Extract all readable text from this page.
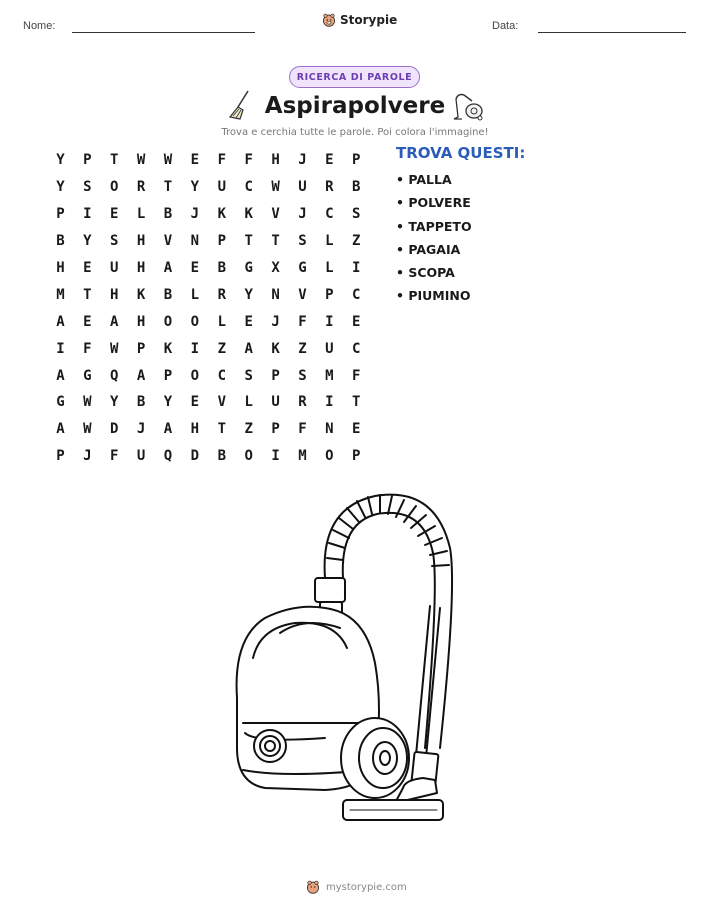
Nome:	Storypie	Data:
RICERCA DI PAROLE
Aspirapolvere
Trova e cerchia tutte le parole. Poi colora l'immagine!
Y	P	T	W	W	E	F	F	H	J	E	P
Y	S	O	R	T	Y	U	C	W	U	R	B
P	I	E	L	B	J	K	K	V	J	C	S
B	Y	S	H	V	N	P	T	T	S	L	Z
H	E	U	H	A	E	B	G	X	G	L	I
M	T	H	K	B	L	R	Y	N	V	P	C
A	E	A	H	O	O	L	E	J	F	I	E
I	F	W	P	K	I	Z	A	K	Z	U	C
A	G	Q	A	P	O	C	S	P	S	M	F
G	W	Y	B	Y	E	V	L	U	R	I	T
A	W	D	J	A	H	T	Z	P	F	N	E
P	J	F	U	Q	D	B	O	I	M	O	P
TROVA QUESTI:
• PALLA
• POLVERE
• TAPPETO
• PAGAIA
• SCOPA
• PIUMINO
mystorypie.com
